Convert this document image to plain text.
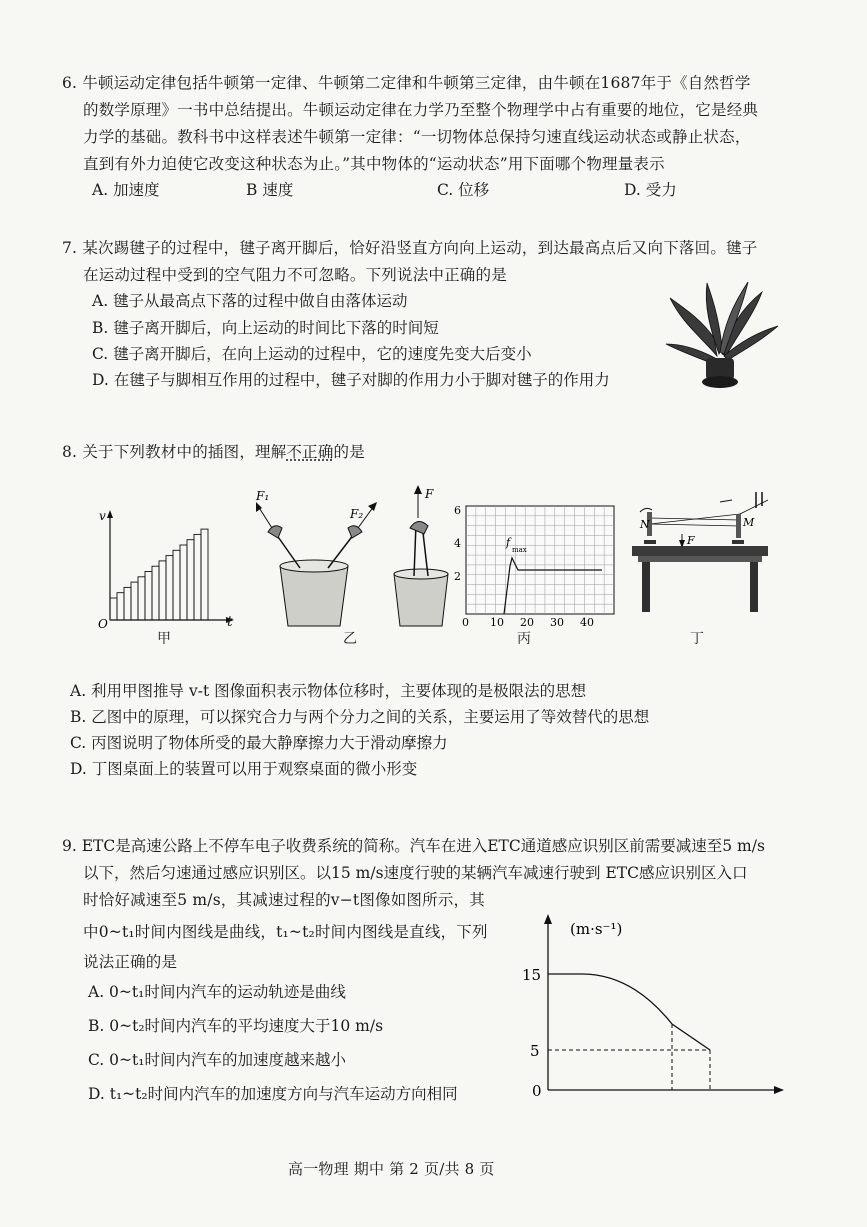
6. 牛顿运动定律包括牛顿第一定律、牛顿第二定律和牛顿第三定律，由牛顿在1687年于《自然哲学
的数学原理》一书中总结提出。牛顿运动定律在力学乃至整个物理学中占有重要的地位，它是经典
力学的基础。教科书中这样表述牛顿第一定律：“一切物体总保持匀速直线运动状态或静止状态，
直到有外力迫使它改变这种状态为止。”其中物体的“运动状态”用下面哪个物理量表示
A. 加速度	B 速度	C. 位移	D. 受力
7. 某次踢毽子的过程中，毽子离开脚后，恰好沿竖直方向向上运动，到达最高点后又向下落回。毽子
在运动过程中受到的空气阻力不可忽略。下列说法中正确的是
A. 毽子从最高点下落的过程中做自由落体运动
B. 毽子离开脚后，向上运动的时间比下落的时间短
C. 毽子离开脚后，在向上运动的过程中，它的速度先变大后变小
D. 在毽子与脚相互作用的过程中，毽子对脚的作用力小于脚对毽子的作用力
8. 关于下列教材中的插图，理解不正确的是
v
O
甲
t
F₁
F₂
F
乙
6
4
2
0 10 20 30 40
f
max
丙
N	M
F
丁
A. 利用甲图推导 v-t 图像面积表示物体位移时，主要体现的是极限法的思想
B. 乙图中的原理，可以探究合力与两个分力之间的关系，主要运用了等效替代的思想
C. 丙图说明了物体所受的最大静摩擦力大于滑动摩擦力
D. 丁图桌面上的装置可以用于观察桌面的微小形变
9. ETC是高速公路上不停车电子收费系统的简称。汽车在进入ETC通道感应识别区前需要减速至5 m/s
以下，然后匀速通过感应识别区。以15 m/s速度行驶的某辆汽车减速行驶到 ETC感应识别区入口
时恰好减速至5 m/s，其减速过程的v−t图像如图所示，其
中0~t₁时间内图线是曲线，t₁~t₂时间内图线是直线，下列
说法正确的是
A. 0~t₁时间内汽车的运动轨迹是曲线
B. 0~t₂时间内汽车的平均速度大于10 m/s
C. 0~t₁时间内汽车的加速度越来越小
D. t₁~t₂时间内汽车的加速度方向与汽车运动方向相同
(m·s⁻¹)
15
5
0
高一物理 期中 第 2 页/共 8 页
